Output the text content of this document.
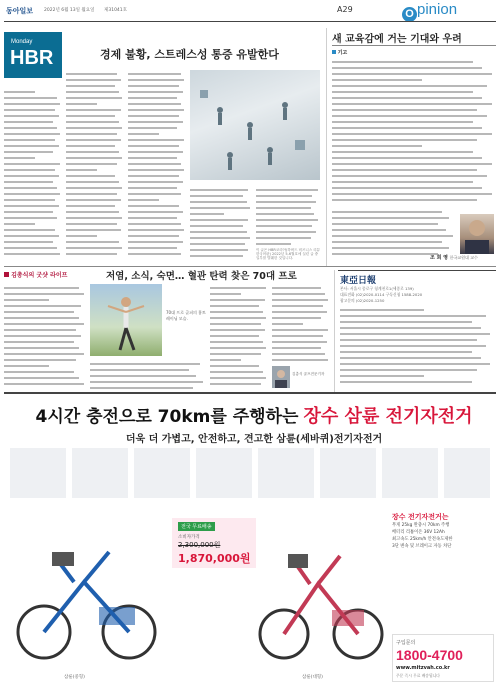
동아일보 2022년 6월 13일 월요일 제31041호	A29	O pinion
Monday
HBR	경제 불황, 스트레스성 통증 유발한다
이 글은 HBR코리아(하버드 비즈니스 리뷰 한국어판) 2022년 5-6월호에 실린 글 중 일부를 발췌한 것입니다.
새 교육감에 거는 기대와 우려
기고
조 희 영 한국교원대 교수
김총식의 굿샷 라이프	저염, 소식, 숙면… 혈관 탄력 찾은 70대 프로
70대 프로 골퍼의 홈트레이닝 모습.
김총식 골프전문기자
東亞日報
본사: 서울시 종로구 청계천로1(세종로 139)
대표전화 (02)2020-0114 구독신청 1588-2020
광고문의 (02)2020-1250
4시간 충전으로 70km를 주행하는 장수 삼륜 전기자전거
더욱 더 가볍고, 안전하고, 견고한 삼륜(세바퀴)전기자전거
삼륜(중형)
전국 무료배송
소비자가격
2,300,000원
1,870,000원
삼륜(대형)
장수 전기자전거는
무게 25kg 완충시 70km 주행
배터리 리튬이온 36V 12Ah
최고속도 25km/h 안전속도제한
3단 변속 및 브레이크 자동 차단
구입문의
1800-4700
www.mitzvah.co.kr
주문 즉시 무료 배송됩니다
